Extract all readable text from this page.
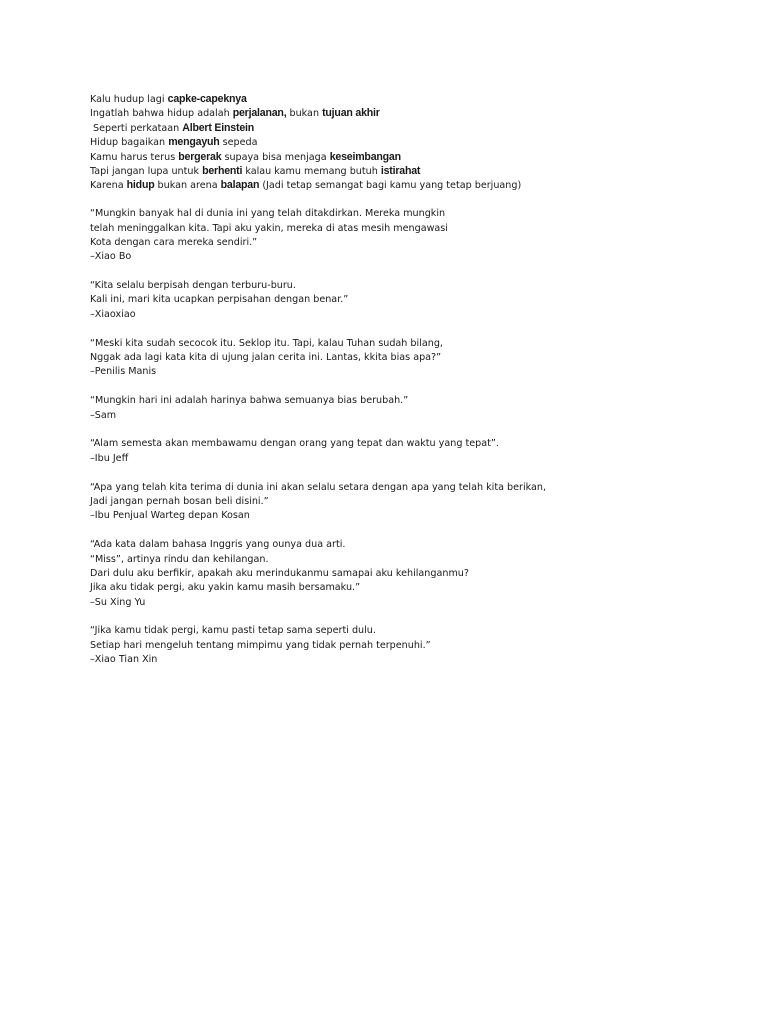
Kalu hudup lagi capke-capeknya
Ingatlah bahwa hidup adalah perjalanan, bukan tujuan akhir
Seperti perkataan Albert Einstein
Hidup bagaikan mengayuh sepeda
Kamu harus terus bergerak supaya bisa menjaga keseimbangan
Tapi jangan lupa untuk berhenti kalau kamu memang butuh istirahat
Karena hidup bukan arena balapan (Jadi tetap semangat bagi kamu yang tetap berjuang)
“Mungkin banyak hal di dunia ini yang telah ditakdirkan. Mereka mungkin
telah meninggalkan kita. Tapi aku yakin, mereka di atas mesih mengawasi
Kota dengan cara mereka sendiri.”
–Xiao Bo
“Kita selalu berpisah dengan terburu-buru.
Kali ini, mari kita ucapkan perpisahan dengan benar.”
–Xiaoxiao
“Meski kita sudah secocok itu. Seklop itu. Tapi, kalau Tuhan sudah bilang,
Nggak ada lagi kata kita di ujung jalan cerita ini. Lantas, kkita bias apa?”
–Penilis Manis
“Mungkin hari ini adalah harinya bahwa semuanya bias berubah.”
–Sam
“Alam semesta akan membawamu dengan orang yang tepat dan waktu yang tepat”.
–Ibu Jeff
“Apa yang telah kita terima di dunia ini akan selalu setara dengan apa yang telah kita berikan,
Jadi jangan pernah bosan beli disini.”
–Ibu Penjual Warteg depan Kosan
“Ada kata dalam bahasa Inggris yang ounya dua arti.
“Miss”, artinya rindu dan kehilangan.
Dari dulu aku berfikir, apakah aku merindukanmu samapai aku kehilanganmu?
Jika aku tidak pergi, aku yakin kamu masih bersamaku.”
–Su Xing Yu
“Jika kamu tidak pergi, kamu pasti tetap sama seperti dulu.
Setiap hari mengeluh tentang mimpimu yang tidak pernah terpenuhi.”
–Xiao Tian Xin
